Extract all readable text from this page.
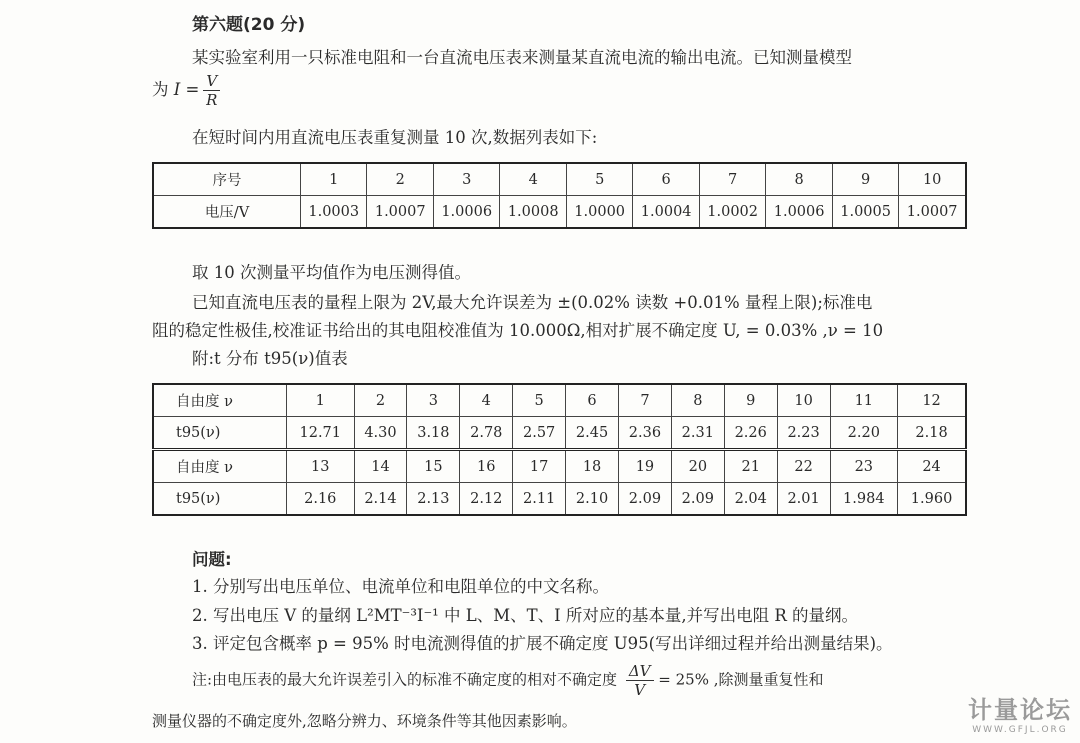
第六题(20 分)
某实验室利用一只标准电阻和一台直流电压表来测量某直流电流的输出电流。已知测量模型
为 $I = \frac{V}{R}$
在短时间内用直流电压表重复测量 10 次,数据列表如下:
序号	1	2	3	4	5	6	7	8	9	10
电压/V	1.0003	1.0007	1.0006	1.0008	1.0000	1.0004	1.0002	1.0006	1.0005	1.0007
取 10 次测量平均值作为电压测得值。
已知直流电压表的量程上限为 2V,最大允许误差为 ±(0.02% 读数 +0.01% 量程上限);标准电
阻的稳定性极佳,校准证书给出的其电阻校准值为 10.000Ω,相对扩展不确定度 U, = 0.03% ,ν = 10
附:t 分布 t95(ν)值表
自由度 ν	1	2	3	4	5	6	7	8	9	10	11	12
t95(ν)	12.71	4.30	3.18	2.78	2.57	2.45	2.36	2.31	2.26	2.23	2.20	2.18
自由度 ν	13	14	15	16	17	18	19	20	21	22	23	24
t95(ν)	2.16	2.14	2.13	2.12	2.11	2.10	2.09	2.09	2.04	2.01	1.984	1.960
问题:
1. 分别写出电压单位、电流单位和电阻单位的中文名称。
2. 写出电压 V 的量纲 L²MT⁻³I⁻¹ 中 L、M、T、I 所对应的基本量,并写出电阻 R 的量纲。
3. 评定包含概率 p = 95% 时电流测得值的扩展不确定度 U95(写出详细过程并给出测量结果)。
注:由电压表的最大允许误差引入的标准不确定度的相对不确定度 $\frac{\Delta V}{V} = 25\%$ ,除测量重复性和
测量仪器的不确定度外,忽略分辨力、环境条件等其他因素影响。	计量论坛
WWW.GFJL.ORG
